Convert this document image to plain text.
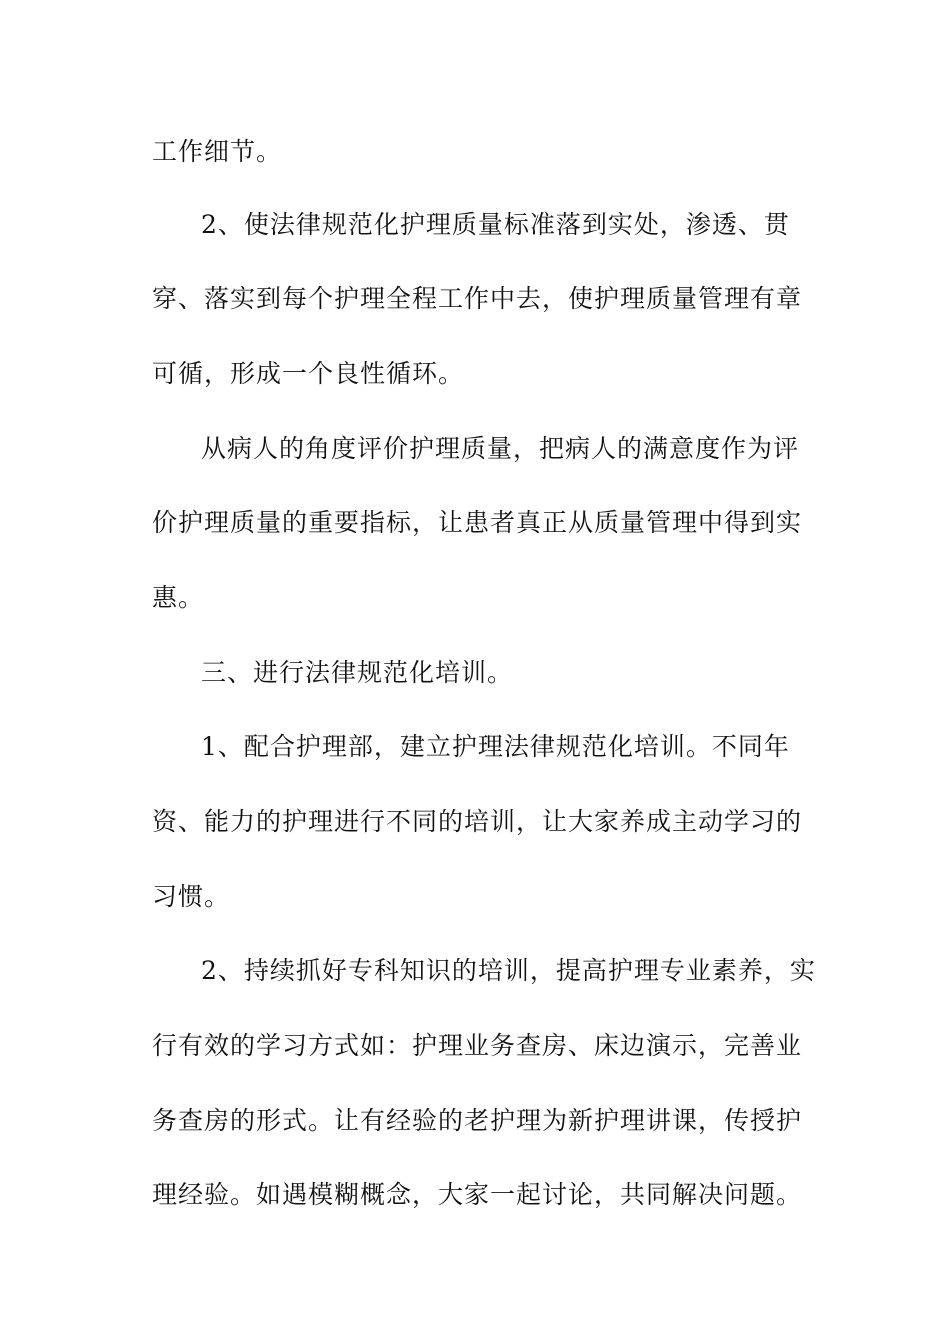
工作细节。
2、使法律规范化护理质量标准落到实处，渗透、贯
穿、落实到每个护理全程工作中去，使护理质量管理有章
可循，形成一个良性循环。
从病人的角度评价护理质量，把病人的满意度作为评
价护理质量的重要指标，让患者真正从质量管理中得到实
惠。
三、进行法律规范化培训。
1、配合护理部，建立护理法律规范化培训。不同年
资、能力的护理进行不同的培训，让大家养成主动学习的
习惯。
2、持续抓好专科知识的培训，提高护理专业素养，实
行有效的学习方式如：护理业务查房、床边演示，完善业
务查房的形式。让有经验的老护理为新护理讲课，传授护
理经验。如遇模糊概念，大家一起讨论，共同解决问题。
